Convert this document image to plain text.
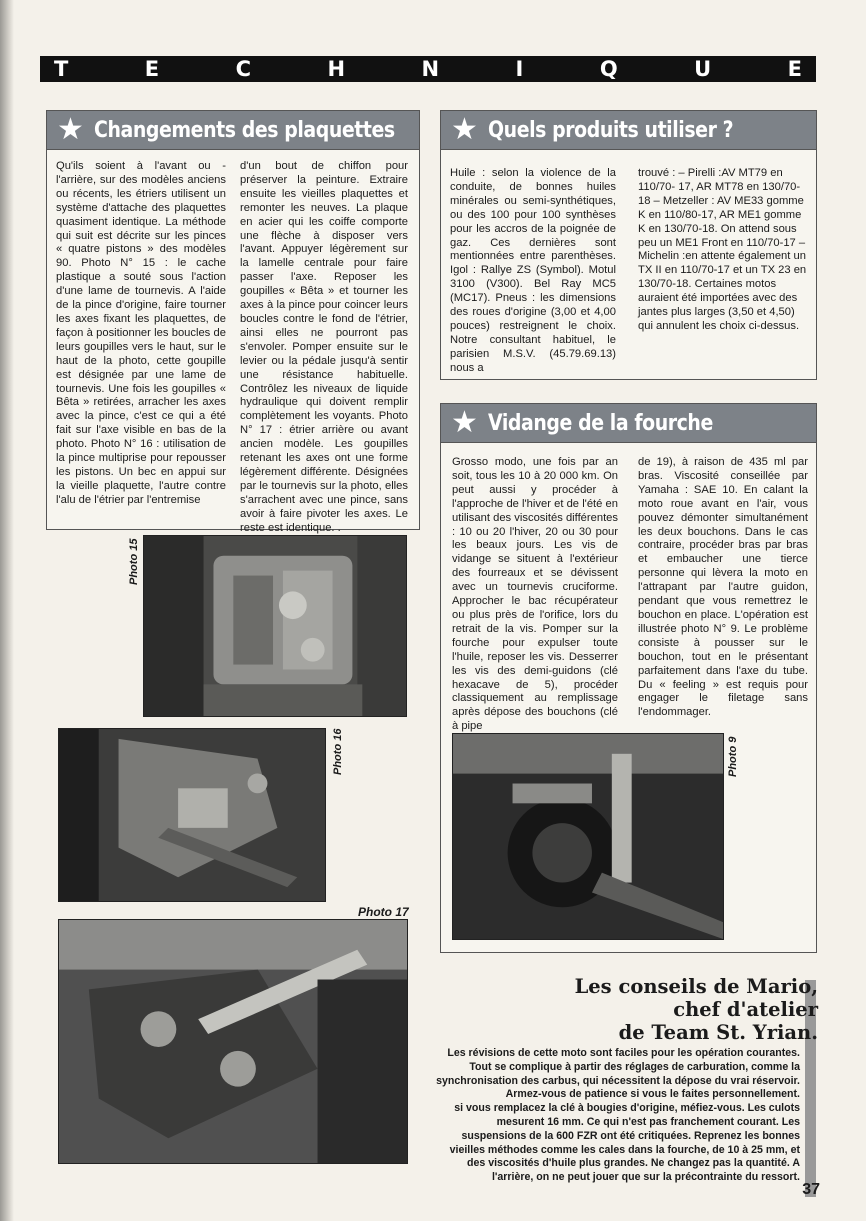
T	E	C	H	N	I	Q	U	E
★ Changements des plaquettes

Qu'ils soient à l'avant ou - l'arrière, sur des modèles anciens ou récents, les étriers utilisent un système d'attache des plaquettes quasiment identique. La méthode qui suit est décrite sur les pinces « quatre pistons » des modèles 90. Photo N° 15 : le cache plastique a souté sous l'action d'une lame de tournevis. A l'aide de la pince d'origine, faire tourner les axes fixant les plaquettes, de façon à positionner les boucles de leurs goupilles vers le haut, sur le haut de la photo, cette goupille est désignée par une lame de tournevis. Une fois les goupilles « Bêta » retirées, arracher les axes avec la pince, c'est ce qui a été fait sur l'axe visible en bas de la photo. Photo N° 16 : utilisation de la pince multiprise pour repousser les pistons. Un bec en appui sur la vieille plaquette, l'autre contre l'alu de l'étrier par l'entremise

d'un bout de chiffon pour préserver la peinture. Extraire ensuite les vieilles plaquettes et remonter les neuves. La plaque en acier qui les coiffe comporte une flèche à disposer vers l'avant. Appuyer légèrement sur la lamelle centrale pour faire passer l'axe. Reposer les goupilles « Bêta » et tourner les axes à la pince pour coincer leurs boucles contre le fond de l'étrier, ainsi elles ne pourront pas s'envoler. Pomper ensuite sur le levier ou la pédale jusqu'à sentir une résistance habituelle. Contrôlez les niveaux de liquide hydraulique qui doivent remplir complètement les voyants. Photo N° 17 : étrier arrière ou avant ancien modèle. Les goupilles retenant les axes ont une forme légèrement différente. Désignées par le tournevis sur la photo, elles s'arrachent avec une pince, sans avoir à faire pivoter les axes. Le reste est identique. .

★ Quels produits utiliser ?

Huile : selon la violence de la conduite, de bonnes huiles minérales ou semi-synthétiques, ou des 100 pour 100 synthèses pour les accros de la poignée de gaz. Ces dernières sont mentionnées entre parenthèses. Igol : Rallye ZS (Symbol). Motul 3100 (V300). Bel Ray MC5 (MC17). Pneus : les dimensions des roues d'origine (3,00 et 4,00 pouces) restreignent le choix. Notre consultant habituel, le parisien M.S.V. (45.79.69.13) nous a

trouvé : – Pirelli :AV MT79 en 110/70- 17, AR MT78 en 130/70-18 – Metzeller : AV ME33 gomme K en 110/80-17, AR ME1 gomme K en 130/70-18. On attend sous peu un ME1 Front en 110/70-17 – Michelin :en attente également un TX II en 110/70-17 et un TX 23 en 130/70-18. Certaines motos auraient été importées avec des jantes plus larges (3,50 et 4,50) qui annulent les choix ci-dessus.

★ Vidange de la fourche

Grosso modo, une fois par an soit, tous les 10 à 20 000 km. On peut aussi y procéder à l'approche de l'hiver et de l'été en utilisant des viscosités différentes : 10 ou 20 l'hiver, 20 ou 30 pour les beaux jours. Les vis de vidange se situent à l'extérieur des fourreaux et se dévissent avec un tournevis cruciforme. Approcher le bac récupérateur ou plus près de l'orifice, lors du retrait de la vis. Pomper sur la fourche pour expulser toute l'huile, reposer les vis. Desserrer les vis des demi-guidons (clé hexacave de 5), procéder classiquement au remplissage après dépose des bouchons (clé à pipe

de 19), à raison de 435 ml par bras. Viscosité conseillée par Yamaha : SAE 10. En calant la moto roue avant en l'air, vous pouvez démonter simultanément les deux bouchons. Dans le cas contraire, procéder bras par bras et embaucher une tierce personne qui lèvera la moto en l'attrapant par l'autre guidon, pendant que vous remettrez le bouchon en place. L'opération est illustrée photo N° 9. Le problème consiste à pousser sur le bouchon, tout en le présentant parfaitement dans l'axe du tube. Du « feeling » est requis pour engager le filetage sans l'endommager.

Photo 15
Photo 16
Photo 17
Photo 9
Les conseils de Mario,
chef d'atelier
de Team St. Yrian.

Les révisions de cette moto sont faciles pour les opération courantes. Tout se complique à partir des réglages de carburation, comme la synchronisation des carbus, qui nécessitent la dépose du vrai réservoir. Armez-vous de patience si vous le faites personnellement.

si vous remplacez la clé à bougies d'origine, méfiez-vous. Les culots mesurent 16 mm. Ce qui n'est pas franchement courant. Les suspensions de la 600 FZR ont été critiquées. Reprenez les bonnes vieilles méthodes comme les cales dans la fourche, de 10 à 25 mm, et des viscosités d'huile plus grandes. Ne changez pas la quantité. A l'arrière, on ne peut jouer que sur la précontrainte du ressort.

37
